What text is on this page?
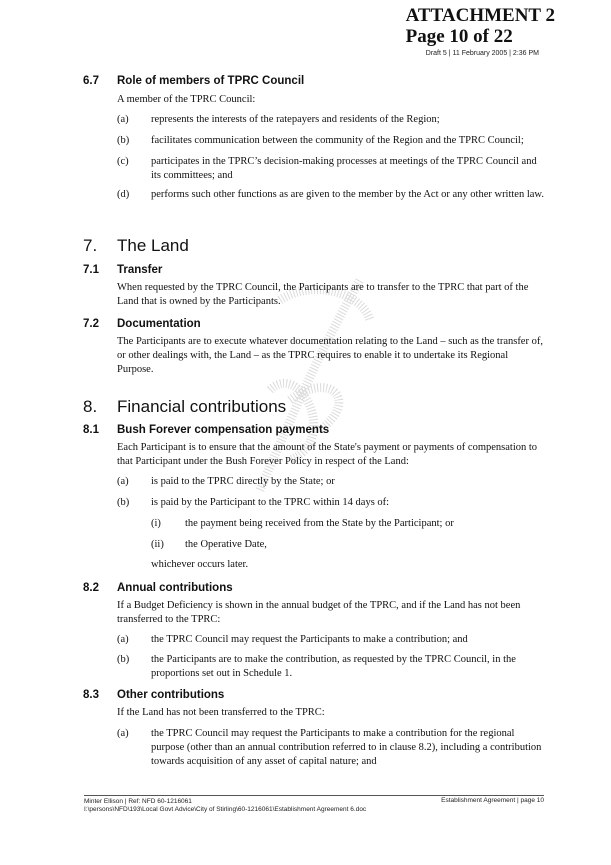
ATTACHMENT 2
Page 10 of 22
Draft 5 | 11 February 2005 | 2:36 PM
6.7 Role of members of TPRC Council
A member of the TPRC Council:
(a) represents the interests of the ratepayers and residents of the Region;
(b) facilitates communication between the community of the Region and the TPRC Council;
(c) participates in the TPRC’s decision-making processes at meetings of the TPRC Council and its committees; and
(d) performs such other functions as are given to the member by the Act or any other written law.
7. The Land
7.1 Transfer
When requested by the TPRC Council, the Participants are to transfer to the TPRC that part of the Land that is owned by the Participants.
7.2 Documentation
The Participants are to execute whatever documentation relating to the Land – such as the transfer of, or other dealings with, the Land – as the TPRC requires to enable it to undertake its Regional Purpose.
8. Financial contributions
8.1 Bush Forever compensation payments
Each Participant is to ensure that the amount of the State's payment or payments of compensation to that Participant under the Bush Forever Policy in respect of the Land:
(a) is paid to the TPRC directly by the State; or
(b) is paid by the Participant to the TPRC within 14 days of:
(i) the payment being received from the State by the Participant; or
(ii) the Operative Date,
whichever occurs later.
8.2 Annual contributions
If a Budget Deficiency is shown in the annual budget of the TPRC, and if the Land has not been transferred to the TPRC:
(a) the TPRC Council may request the Participants to make a contribution; and
(b) the Participants are to make the contribution, as requested by the TPRC Council, in the proportions set out in Schedule 1.
8.3 Other contributions
If the Land has not been transferred to the TPRC:
(a) the TPRC Council may request the Participants to make a contribution for the regional purpose (other than an annual contribution referred to in clause 8.2), including a contribution towards acquisition of any asset of capital nature; and
Minter Ellison | Ref: NFD 60-1216061
I:\persons\NFD\193\Local Govt Advice\City of Stirling\60-1216061\Establishment Agreement 6.doc
Establishment Agreement | page 10
